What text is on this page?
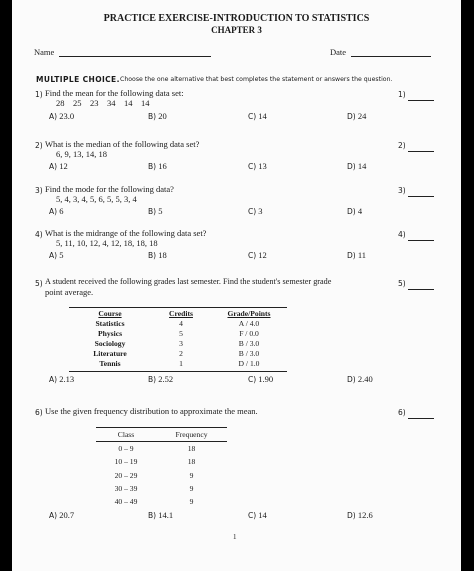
PRACTICE EXERCISE-INTRODUCTION TO STATISTICS
CHAPTER 3
Name	Date
MULTIPLE CHOICE. Choose the one alternative that best completes the statement or answers the question.
1) Find the mean for the following data set:
28    25    23    34    14    14
1)
A) 23.0	B) 20	C) 14	D) 24
2) What is the median of the following data set?
6, 9, 13, 14, 18
2)
A) 12	B) 16	C) 13	D) 14
3) Find the mode for the following data?
5, 4, 3, 4, 5, 6, 5, 5, 3, 4
3)
A) 6	B) 5	C) 3	D) 4
4) What is the midrange of the following data set?
5, 11, 10, 12, 4, 12, 18, 18, 18
4)
A) 5	B) 18	C) 12	D) 11
5) A student received the following grades last semester. Find the student's semester grade
point average.
5)
Course	Credits	Grade/Points
Statistics	4	A / 4.0
Physics	5	F / 0.0
Sociology	3	B / 3.0
Literature	2	B / 3.0
Tennis	1	D / 1.0
A) 2.13	B) 2.52	C) 1.90	D) 2.40
6) Use the given frequency distribution to approximate the mean.	6)
Class	Frequency
0 – 9	18
10 – 19	18
20 – 29	9
30 – 39	9
40 – 49	9
A) 20.7	B) 14.1	C) 14	D) 12.6
1
